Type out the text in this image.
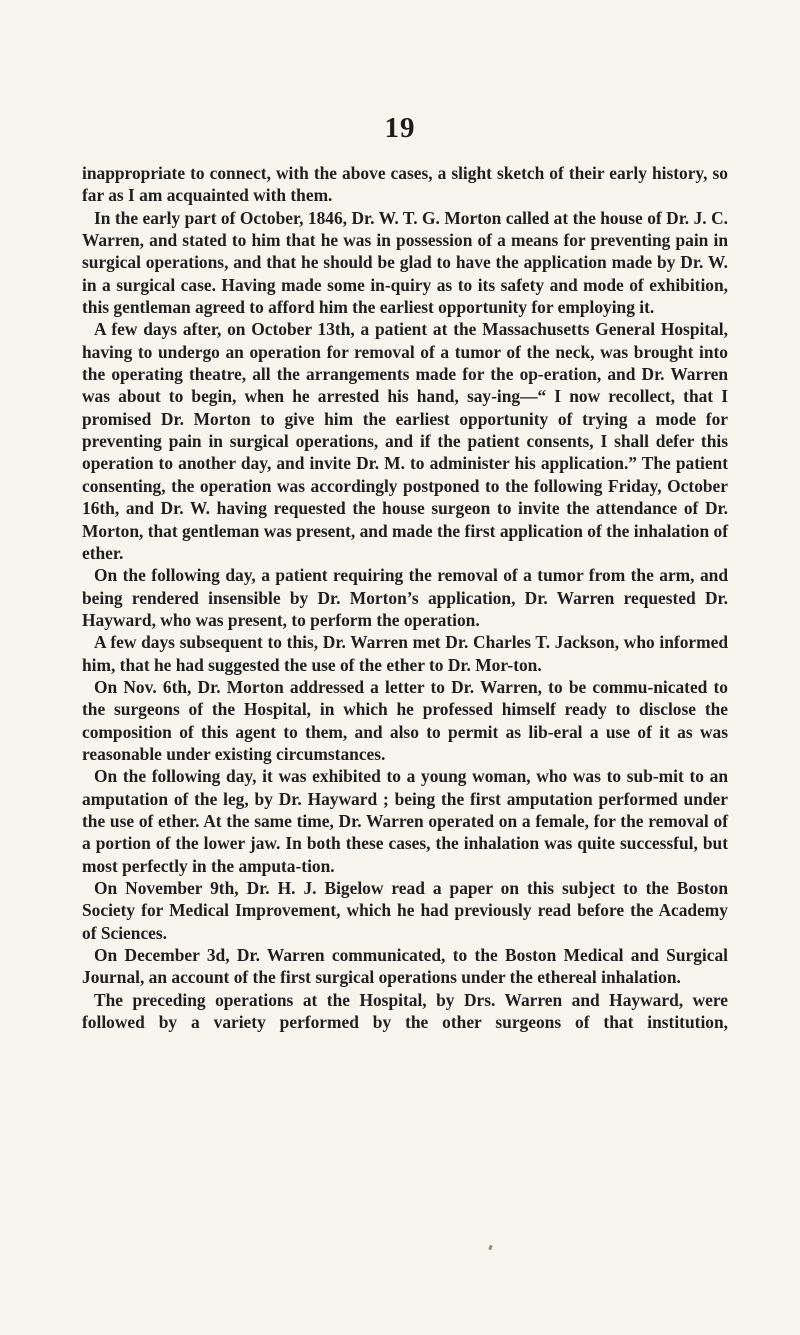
19

inappropriate to connect, with the above cases, a slight sketch of their early history, so far as I am acquainted with them.

In the early part of October, 1846, Dr. W. T. G. Morton called at the house of Dr. J. C. Warren, and stated to him that he was in possession of a means for preventing pain in surgical operations, and that he should be glad to have the application made by Dr. W. in a surgical case. Having made some in-quiry as to its safety and mode of exhibition, this gentleman agreed to afford him the earliest opportunity for employing it.

A few days after, on October 13th, a patient at the Massachusetts General Hospital, having to undergo an operation for removal of a tumor of the neck, was brought into the operating theatre, all the arrangements made for the op-eration, and Dr. Warren was about to begin, when he arrested his hand, say-ing—“ I now recollect, that I promised Dr. Morton to give him the earliest opportunity of trying a mode for preventing pain in surgical operations, and if the patient consents, I shall defer this operation to another day, and invite Dr. M. to administer his application.” The patient consenting, the operation was accordingly postponed to the following Friday, October 16th, and Dr. W. having requested the house surgeon to invite the attendance of Dr. Morton, that gentleman was present, and made the first application of the inhalation of ether.

On the following day, a patient requiring the removal of a tumor from the arm, and being rendered insensible by Dr. Morton’s application, Dr. Warren requested Dr. Hayward, who was present, to perform the operation.

A few days subsequent to this, Dr. Warren met Dr. Charles T. Jackson, who informed him, that he had suggested the use of the ether to Dr. Mor-ton.

On Nov. 6th, Dr. Morton addressed a letter to Dr. Warren, to be commu-nicated to the surgeons of the Hospital, in which he professed himself ready to disclose the composition of this agent to them, and also to permit as lib-eral a use of it as was reasonable under existing circumstances.

On the following day, it was exhibited to a young woman, who was to sub-mit to an amputation of the leg, by Dr. Hayward ; being the first amputation performed under the use of ether. At the same time, Dr. Warren operated on a female, for the removal of a portion of the lower jaw. In both these cases, the inhalation was quite successful, but most perfectly in the amputa-tion.

On November 9th, Dr. H. J. Bigelow read a paper on this subject to the Boston Society for Medical Improvement, which he had previously read before the Academy of Sciences.

On December 3d, Dr. Warren communicated, to the Boston Medical and Surgical Journal, an account of the first surgical operations under the ethereal inhalation.

The preceding operations at the Hospital, by Drs. Warren and Hayward, were followed by a variety performed by the other surgeons of that institution,
